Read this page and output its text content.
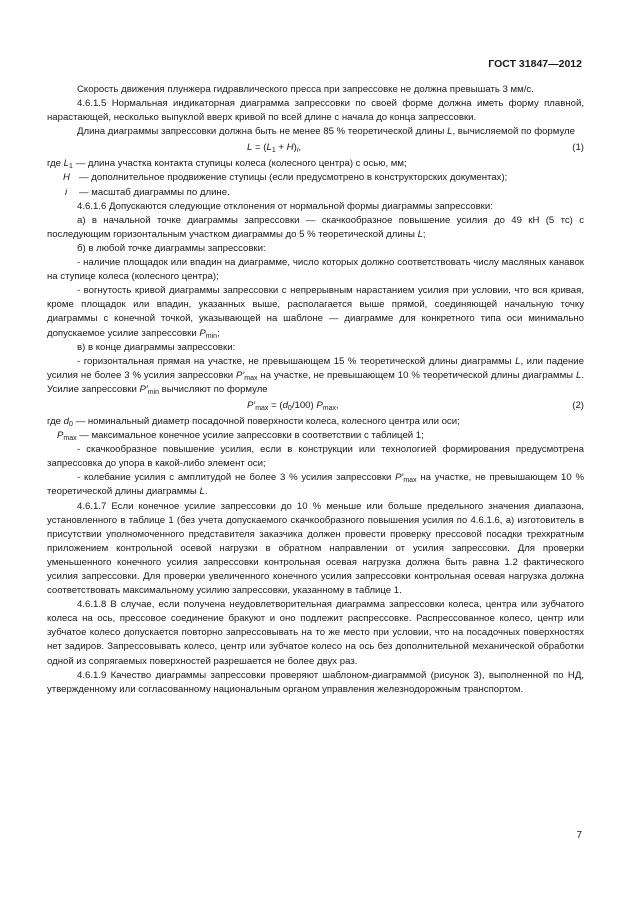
ГОСТ 31847—2012

Скорость движения плунжера гидравлического пресса при запрессовке не должна превышать 3 мм/с.

4.6.1.5 Нормальная индикаторная диаграмма запрессовки по своей форме должна иметь форму плавной, нарастающей, несколько выпуклой вверх кривой по всей длине с начала до конца запрессовки.

Длина диаграммы запрессовки должна быть не менее 85 % теоретической длины L, вычисляемой по формуле

$L = (L_1 + H)_i$,	(1)
где $L_1$ — длина участка контакта ступицы колеса (колесного центра) с осью, мм;
H — дополнительное продвижение ступицы (если предусмотрено в конструкторских документах);
i	— масштаб диаграммы по длине.

4.6.1.6 Допускаются следующие отклонения от нормальной формы диаграммы запрессовки:

а) в начальной точке диаграммы запрессовки — скачкообразное повышение усилия до 49 кН (5 тс) с последующим горизонтальным участком диаграммы до 5 % теоретической длины L;

б) в любой точке диаграммы запрессовки:

- наличие площадок или впадин на диаграмме, число которых должно соответствовать числу масляных канавок на ступице колеса (колесного центра);

- вогнутость кривой диаграммы запрессовки с непрерывным нарастанием усилия при условии, что вся кривая, кроме площадок или впадин, указанных выше, располагается выше прямой, соединяющей начальную точку диаграммы с конечной точкой, указывающей на шаблоне — диаграмме для конкретного типа оси минимально допускаемое усилие запрессовки $P_{min}$;

в) в конце диаграммы запрессовки:

- горизонтальная прямая на участке, не превышающем 15 % теоретической длины диаграммы L, или падение усилия не более 3 % усилия запрессовки $P'_{max}$ на участке, не превышающем 10 % теоретической длины диаграммы L. Усилие запрессовки $P'_{min}$ вычисляют по формуле

$P'_{max} = (d_0/100)$ $P_{max}$,	(2)
где $d_0$ — номинальный диаметр посадочной поверхности колеса, колесного центра или оси;
$P_{max}$ — максимальное конечное усилие запрессовки в соответствии с таблицей 1;

- скачкообразное повышение усилия, если в конструкции или технологией формирования предусмотрена запрессовка до упора в какой-либо элемент оси;

- колебание усилия с амплитудой не более 3 % усилия запрессовки $P'_{max}$ на участке, не превышающем 10 % теоретической длины диаграммы L.

4.6.1.7 Если конечное усилие запрессовки до 10 % меньше или больше предельного значения диапазона, установленного в таблице 1 (без учета допускаемого скачкообразного повышения усилия по 4.6.1.6, а) изготовитель в присутствии уполномоченного представителя заказчика должен провести проверку прессовой посадки трехкратным приложением контрольной осевой нагрузки в обратном направлении от усилия запрессовки. Для проверки уменьшенного конечного усилия запрессовки контрольная осевая нагрузка должна быть равна 1.2 фактического усилия запрессовки. Для проверки увеличенного конечного усилия запрессовки контрольная осевая нагрузка должна соответствовать максимальному усилию запрессовки, указанному в таблице 1.

4.6.1.8 В случае, если получена неудовлетворительная диаграмма запрессовки колеса, центра или зубчатого колеса на ось, прессовое соединение бракуют и оно подлежит распрессовке. Распрессованное колесо, центр или зубчатое колесо допускается повторно запрессовывать на то же место при условии, что на посадочных поверхностях нет задиров. Запрессовывать колесо, центр или зубчатое колесо на ось без дополнительной механической обработки одной из сопрягаемых поверхностей разрешается не более двух раз.

4.6.1.9 Качество диаграммы запрессовки проверяют шаблоном-диаграммой (рисунок 3), выполненной по НД, утвержденному или согласованному национальным органом управления железнодорожным транспортом.

7
